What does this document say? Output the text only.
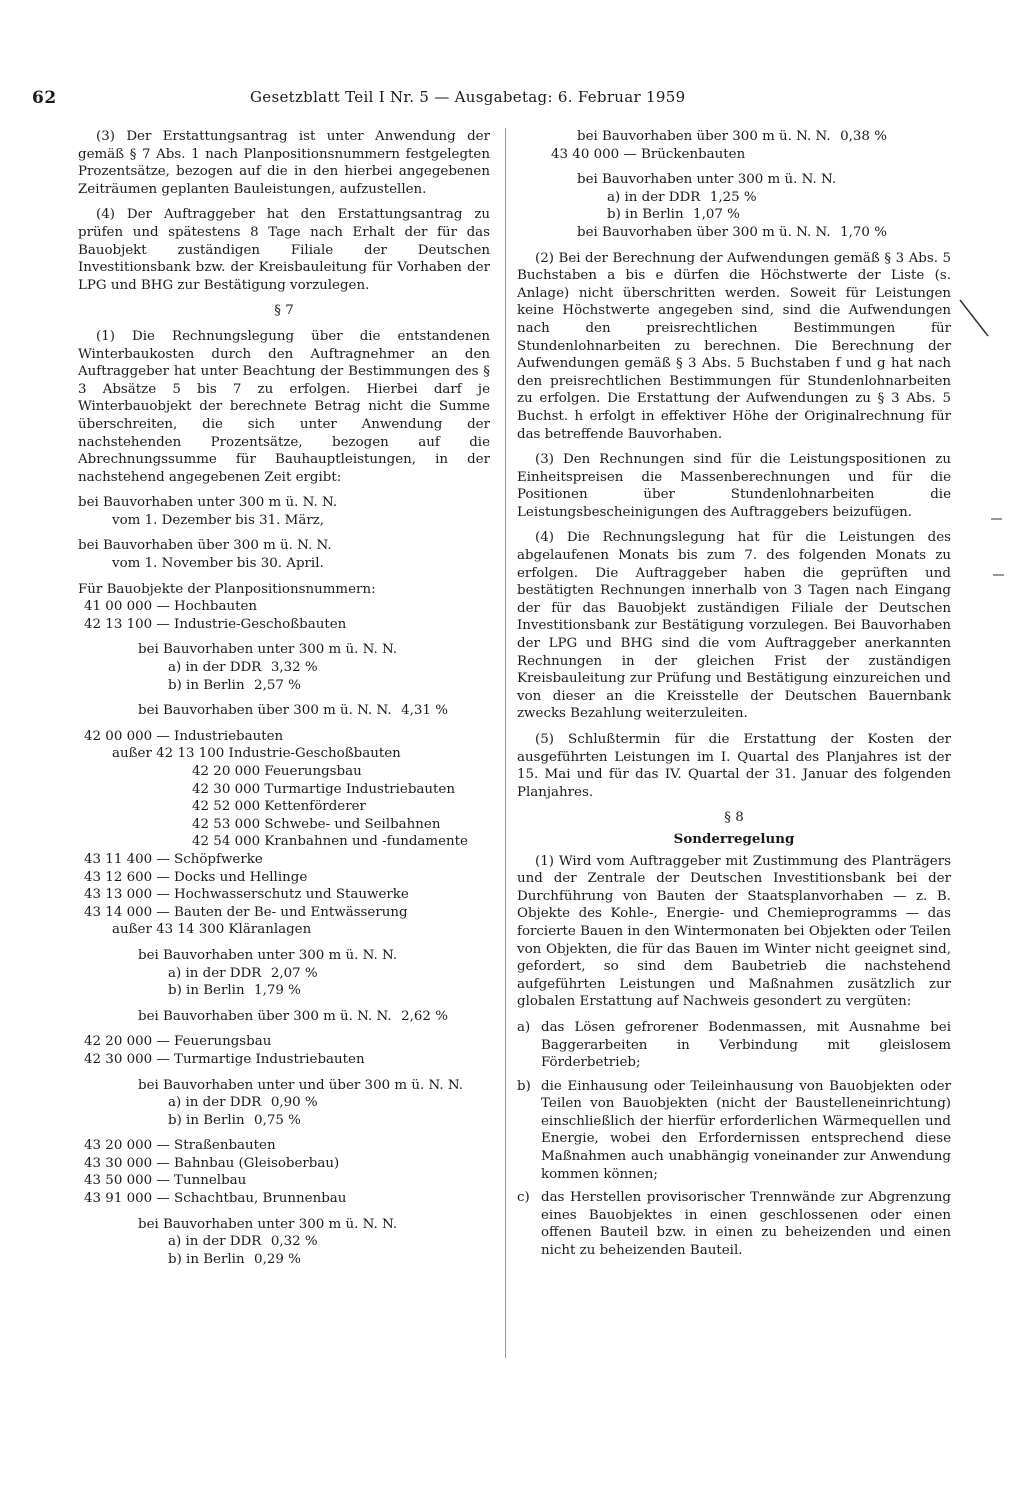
62	Gesetzblatt Teil I Nr. 5 — Ausgabetag: 6. Februar 1959

(3) Der Erstattungsantrag ist unter Anwendung der gemäß § 7 Abs. 1 nach Planpositionsnummern festgelegten Prozentsätze, bezogen auf die in den hierbei angegebenen Zeiträumen geplanten Bauleistungen, aufzustellen.

(4) Der Auftraggeber hat den Erstattungsantrag zu prüfen und spätestens 8 Tage nach Erhalt der für das Bauobjekt zuständigen Filiale der Deutschen Investitionsbank bzw. der Kreisbauleitung für Vorhaben der LPG und BHG zur Bestätigung vorzulegen.

§ 7

(1) Die Rechnungslegung über die entstandenen Winterbaukosten durch den Auftragnehmer an den Auftraggeber hat unter Beachtung der Bestimmungen des § 3 Absätze 5 bis 7 zu erfolgen. Hierbei darf je Winterbauobjekt der berechnete Betrag nicht die Summe überschreiten, die sich unter Anwendung der nachstehenden Prozentsätze, bezogen auf die Abrechnungssumme für Bauhauptleistungen, in der nachstehend angegebenen Zeit ergibt:

bei Bauvorhaben unter 300 m ü. N. N.
vom 1. Dezember bis 31. März,
bei Bauvorhaben über 300 m ü. N. N.
vom 1. November bis 30. April.
Für Bauobjekte der Planpositionsnummern:
41 00 000 — Hochbauten
42 13 100 — Industrie-Geschoßbauten
bei Bauvorhaben unter 300 m ü. N. N.
a) in der DDR 3,32 %
b) in Berlin 2,57 %
bei Bauvorhaben über 300 m ü. N. N. 4,31 %
42 00 000 — Industriebauten
außer 42 13 100 Industrie-Geschoßbauten
42 20 000 Feuerungsbau
42 30 000 Turmartige Industriebauten
42 52 000 Kettenförderer
42 53 000 Schwebe- und Seilbahnen
42 54 000 Kranbahnen und -fundamente
43 11 400 — Schöpfwerke
43 12 600 — Docks und Hellinge
43 13 000 — Hochwasserschutz und Stauwerke
43 14 000 — Bauten der Be- und Entwässerung
außer 43 14 300 Kläranlagen
bei Bauvorhaben unter 300 m ü. N. N.
a) in der DDR 2,07 %
b) in Berlin 1,79 %
bei Bauvorhaben über 300 m ü. N. N. 2,62 %
42 20 000 — Feuerungsbau
42 30 000 — Turmartige Industriebauten
bei Bauvorhaben unter und über 300 m ü. N. N.
a) in der DDR 0,90 %
b) in Berlin 0,75 %
43 20 000 — Straßenbauten
43 30 000 — Bahnbau (Gleisoberbau)
43 50 000 — Tunnelbau
43 91 000 — Schachtbau, Brunnenbau
bei Bauvorhaben unter 300 m ü. N. N.
a) in der DDR 0,32 %
b) in Berlin 0,29 %
bei Bauvorhaben über 300 m ü. N. N. 0,38 %
43 40 000 — Brückenbauten
bei Bauvorhaben unter 300 m ü. N. N.
a) in der DDR 1,25 %
b) in Berlin 1,07 %
bei Bauvorhaben über 300 m ü. N. N. 1,70 %

(2) Bei der Berechnung der Aufwendungen gemäß § 3 Abs. 5 Buchstaben a bis e dürfen die Höchstwerte der Liste (s. Anlage) nicht überschritten werden. Soweit für Leistungen keine Höchstwerte angegeben sind, sind die Aufwendungen nach den preisrechtlichen Bestimmungen für Stundenlohnarbeiten zu berechnen. Die Berechnung der Aufwendungen gemäß § 3 Abs. 5 Buchstaben f und g hat nach den preisrechtlichen Bestimmungen für Stundenlohnarbeiten zu erfolgen. Die Erstattung der Aufwendungen zu § 3 Abs. 5 Buchst. h erfolgt in effektiver Höhe der Originalrechnung für das betreffende Bauvorhaben.

(3) Den Rechnungen sind für die Leistungspositionen zu Einheitspreisen die Massenberechnungen und für die Positionen über Stundenlohnarbeiten die Leistungsbescheinigungen des Auftraggebers beizufügen.

(4) Die Rechnungslegung hat für die Leistungen des abgelaufenen Monats bis zum 7. des folgenden Monats zu erfolgen. Die Auftraggeber haben die geprüften und bestätigten Rechnungen innerhalb von 3 Tagen nach Eingang der für das Bauobjekt zuständigen Filiale der Deutschen Investitionsbank zur Bestätigung vorzulegen. Bei Bauvorhaben der LPG und BHG sind die vom Auftraggeber anerkannten Rechnungen in der gleichen Frist der zuständigen Kreisbauleitung zur Prüfung und Bestätigung einzureichen und von dieser an die Kreisstelle der Deutschen Bauernbank zwecks Bezahlung weiterzuleiten.

(5) Schlußtermin für die Erstattung der Kosten der ausgeführten Leistungen im I. Quartal des Planjahres ist der 15. Mai und für das IV. Quartal der 31. Januar des folgenden Planjahres.

§ 8
Sonderregelung

(1) Wird vom Auftraggeber mit Zustimmung des Planträgers und der Zentrale der Deutschen Investitionsbank bei der Durchführung von Bauten der Staatsplanvorhaben — z. B. Objekte des Kohle-, Energie- und Chemieprogramms — das forcierte Bauen in den Wintermonaten bei Objekten oder Teilen von Objekten, die für das Bauen im Winter nicht geeignet sind, gefordert, so sind dem Baubetrieb die nachstehend aufgeführten Leistungen und Maßnahmen zusätzlich zur globalen Erstattung auf Nachweis gesondert zu vergüten:

a) das Lösen gefrorener Bodenmassen, mit Ausnahme bei Baggerarbeiten in Verbindung mit gleislosem Förderbetrieb;
b) die Einhausung oder Teileinhausung von Bauobjekten oder Teilen von Bauobjekten (nicht der Baustelleneinrichtung) einschließlich der hierfür erforderlichen Wärmequellen und Energie, wobei den Erfordernissen entsprechend diese Maßnahmen auch unabhängig voneinander zur Anwendung kommen können;
c) das Herstellen provisorischer Trennwände zur Abgrenzung eines Bauobjektes in einen geschlossenen oder einen offenen Bauteil bzw. in einen zu beheizenden und einen nicht zu beheizenden Bauteil.
